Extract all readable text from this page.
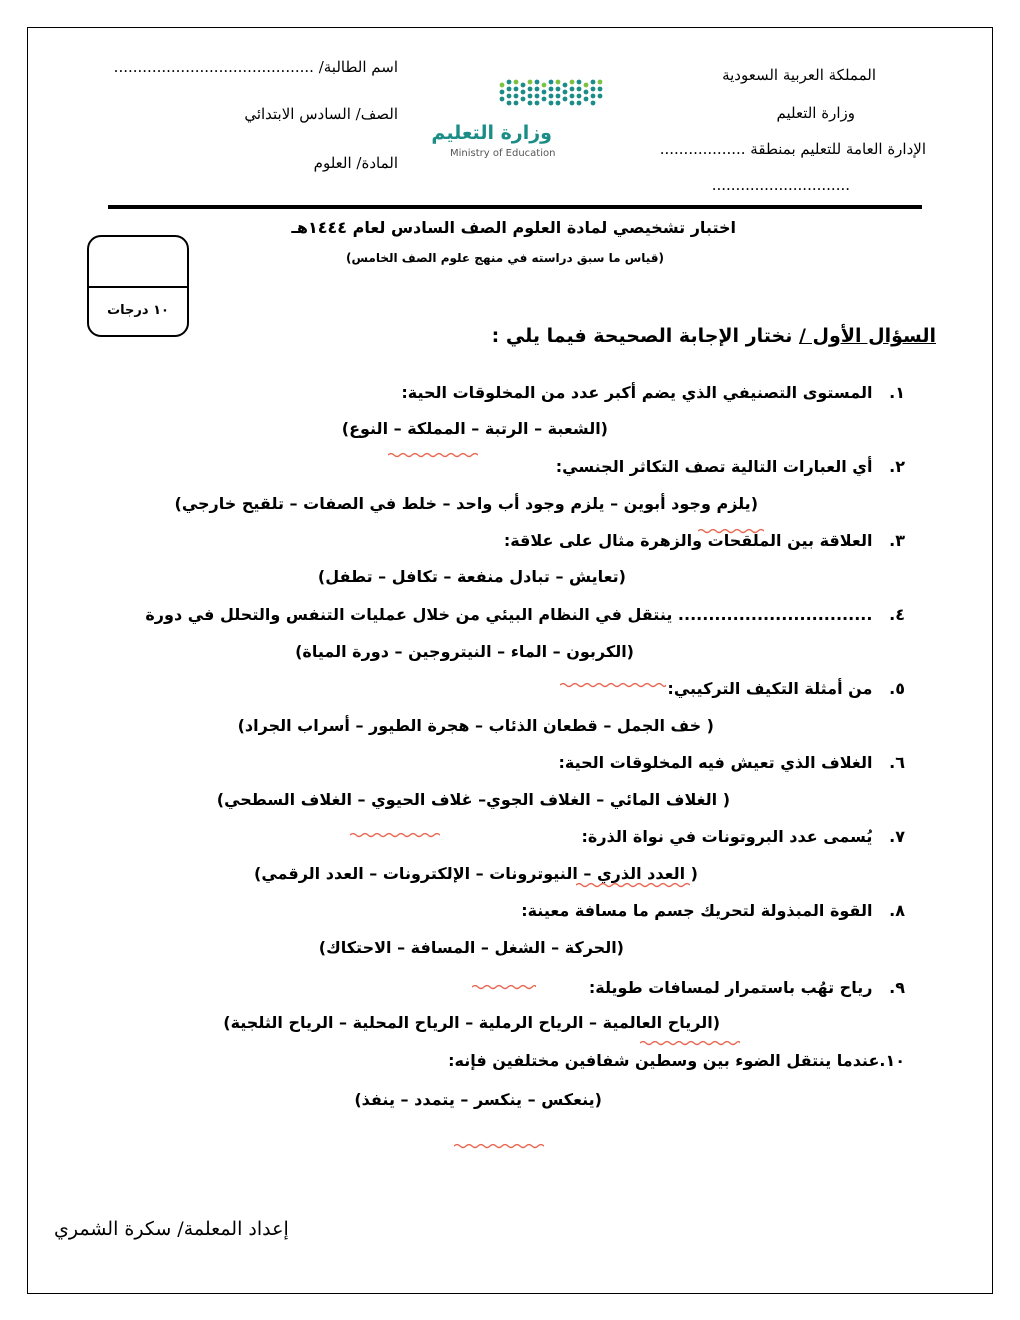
المملكة العربية السعودية
وزارة التعليم
الإدارة العامة للتعليم بمنطقة ..................
.............................
اسم الطالبة/ ..........................................
الصف/ السادس الابتدائي
المادة/ العلوم
وزارة التعليم
Ministry of Education
اختبار تشخيصي لمادة العلوم الصف السادس لعام ١٤٤٤هـ
(قياس ما سبق دراسته في منهج علوم الصف الخامس)
١٠ درجات
السؤال الأول / نختار الإجابة الصحيحة فيما يلي :
١.   المستوى التصنيفي الذي يضم أكبر عدد من المخلوقات الحية:
(الشعبة – الرتبة – المملكة – النوع)
٢.   أي العبارات التالية تصف التكاثر الجنسي:
(يلزم وجود أبوين – يلزم وجود أب واحد – خلط في الصفات – تلقيح خارجي)
٣.   العلاقة بين الملقحات والزهرة مثال على علاقة:
(تعايش – تبادل منفعة – تكافل – تطفل)
٤.   ................................ ينتقل في النظام البيئي من خلال عمليات التنفس والتحلل في دورة
(الكربون – الماء – النيتروجين – دورة المياة)
٥.   من أمثلة التكيف التركيبي:
( خف الجمل – قطعان الذئاب – هجرة الطيور – أسراب الجراد)
٦.   الغلاف الذي تعيش فيه المخلوقات الحية:
( الغلاف المائي – الغلاف الجوي– غلاف الحيوي – الغلاف السطحي)
٧.   يُسمى عدد البروتونات في نواة الذرة:
( العدد الذري – النيوترونات – الإلكترونات – العدد الرقمي)
٨.   القوة المبذولة لتحريك جسم ما مسافة معينة:
(الحركة – الشغل – المسافة – الاحتكاك)
٩.   رياح تهُب باستمرار لمسافات طويلة:
(الرياح العالمية – الرياح الرملية – الرياح المحلية – الرياح الثلجية)
١٠.عندما ينتقل الضوء بين وسطين شفافين مختلفين فإنه:
(ينعكس – ينكسر – يتمدد – ينفذ)
إعداد المعلمة/ سكرة الشمري
